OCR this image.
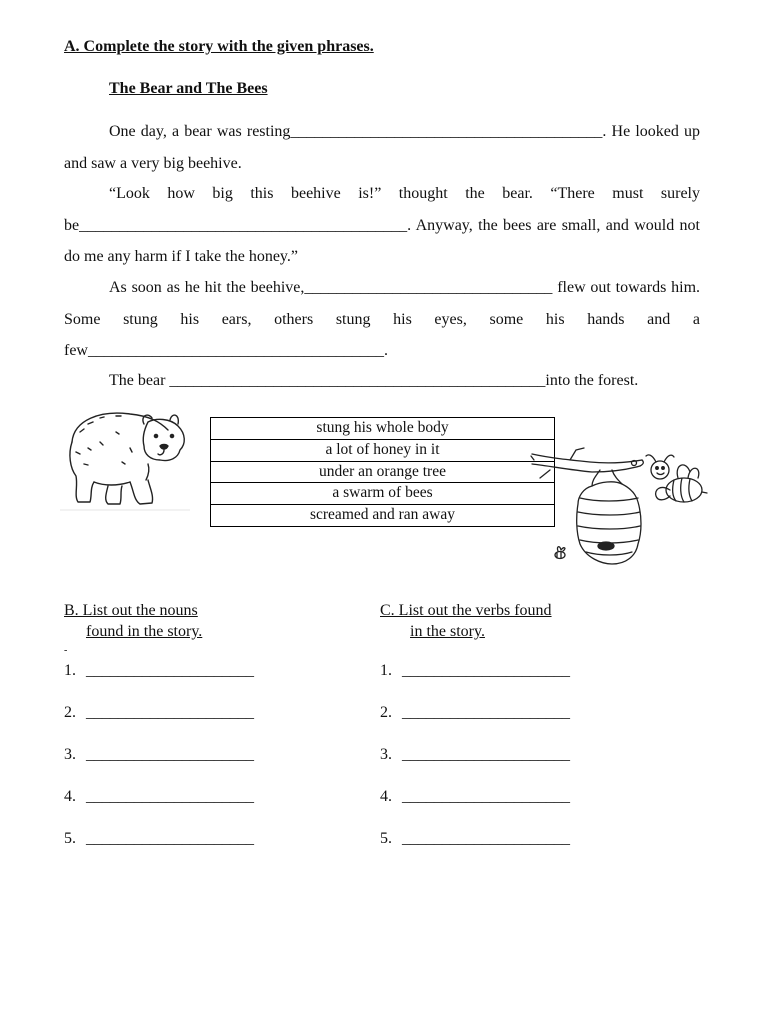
A. Complete the story with the given phrases.
The Bear and The Bees

One day, a bear was resting_______________________________________. He looked up and saw a very big beehive.

“Look how big this beehive is!” thought the bear. “There must surely be_________________________________________. Anyway, the bees are small, and would not do me any harm if I take the honey.”

As soon as he hit the beehive,_______________________________ flew out towards him. Some stung his ears, others stung his eyes, some his hands and a few_____________________________________.

The bear _______________________________________________into the forest.

stung his whole body
a lot of honey in it
under an orange tree
a swarm of bees
screamed and ran away
B. List out the nouns
found in the story.
-
1. _____________________
2. _____________________
3. _____________________
4. _____________________
5. _____________________
C. List out the verbs found
in the story.
1. _____________________
2. _____________________
3. _____________________
4. _____________________
5. _____________________
